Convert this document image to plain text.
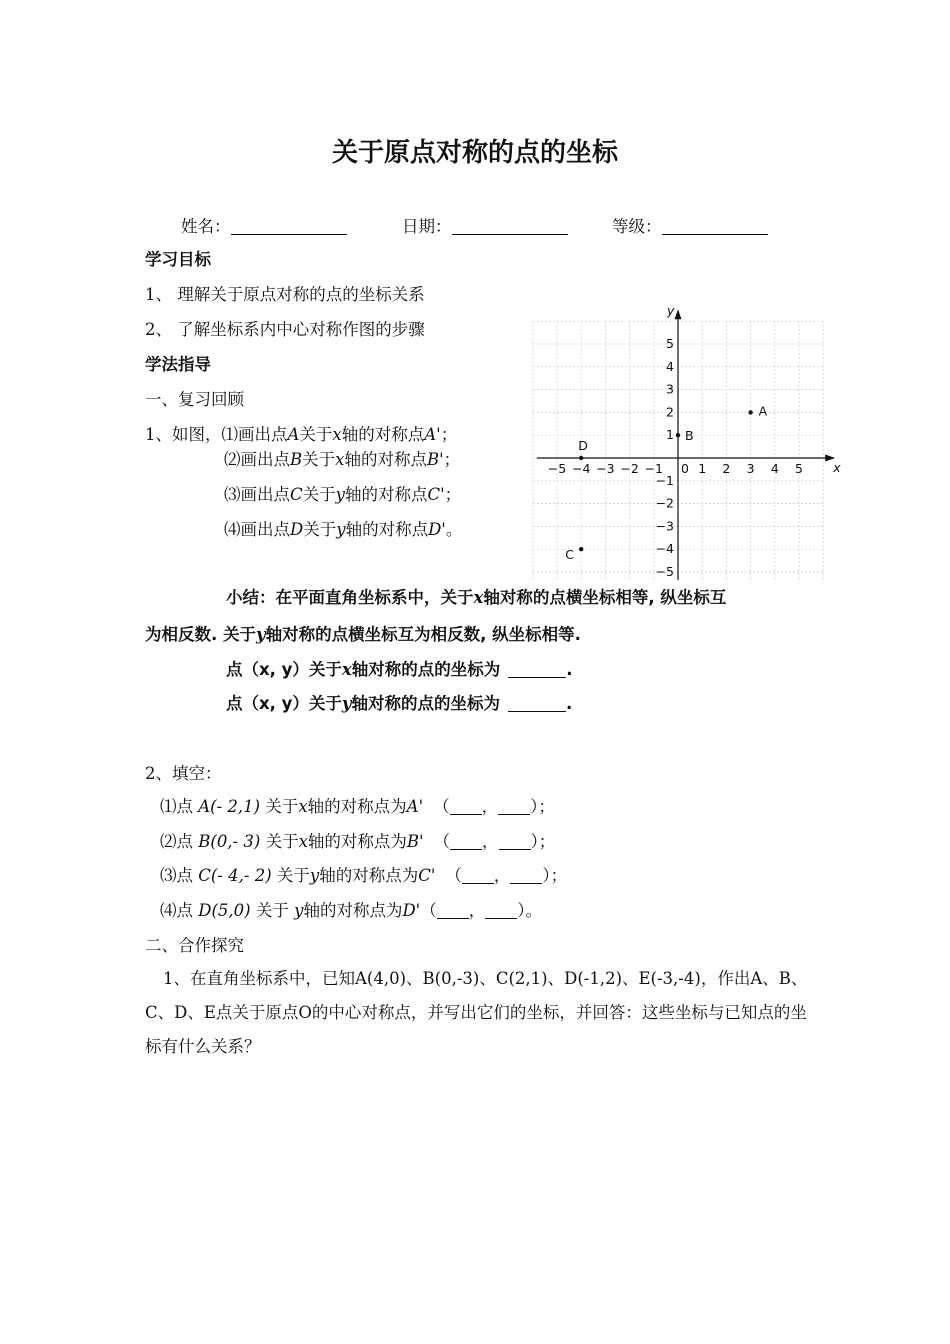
关于原点对称的点的坐标
姓名：	日期：	等级：
学习目标
1、 理解关于原点对称的点的坐标关系
2、 了解坐标系内中心对称作图的步骤
学法指导
一、复习回顾
1、如图，⑴画出点A关于x轴的对称点A'；
⑵画出点B关于x轴的对称点B'；
⑶画出点C关于y轴的对称点C'；
⑷画出点D关于y轴的对称点D'。
x
y
0
−5 −4 −3 −2 −1	1 2 3 4 5
−5
−4
−3
−2
−1
1
2
3
4
5
A
B
C
D
小结：在平面直角坐标系中，关于x轴对称的点横坐标相等, 纵坐标互
为相反数. 关于y轴对称的点横坐标互为相反数, 纵坐标相等.
点（x, y）关于x轴对称的点的坐标为	.
点（x, y）关于y轴对称的点的坐标为	.
2、填空：
⑴点 A(- 2,1) 关于x轴的对称点为A' （ ， ）；
⑵点 B(0,- 3) 关于x轴的对称点为B' （ ， ）；
⑶点 C(- 4,- 2) 关于y轴的对称点为C' （ ， ）；
⑷点 D(5,0) 关于 y轴的对称点为D'（ ， ）。
二、合作探究
1、在直角坐标系中，已知A(4,0)、B(0,-3)、C(2,1)、D(-1,2)、E(-3,-4)，作出A、B、C、D、E点关于原点O的中心对称点，并写出它们的坐标，并回答：这些坐标与已知点的坐标有什么关系？
